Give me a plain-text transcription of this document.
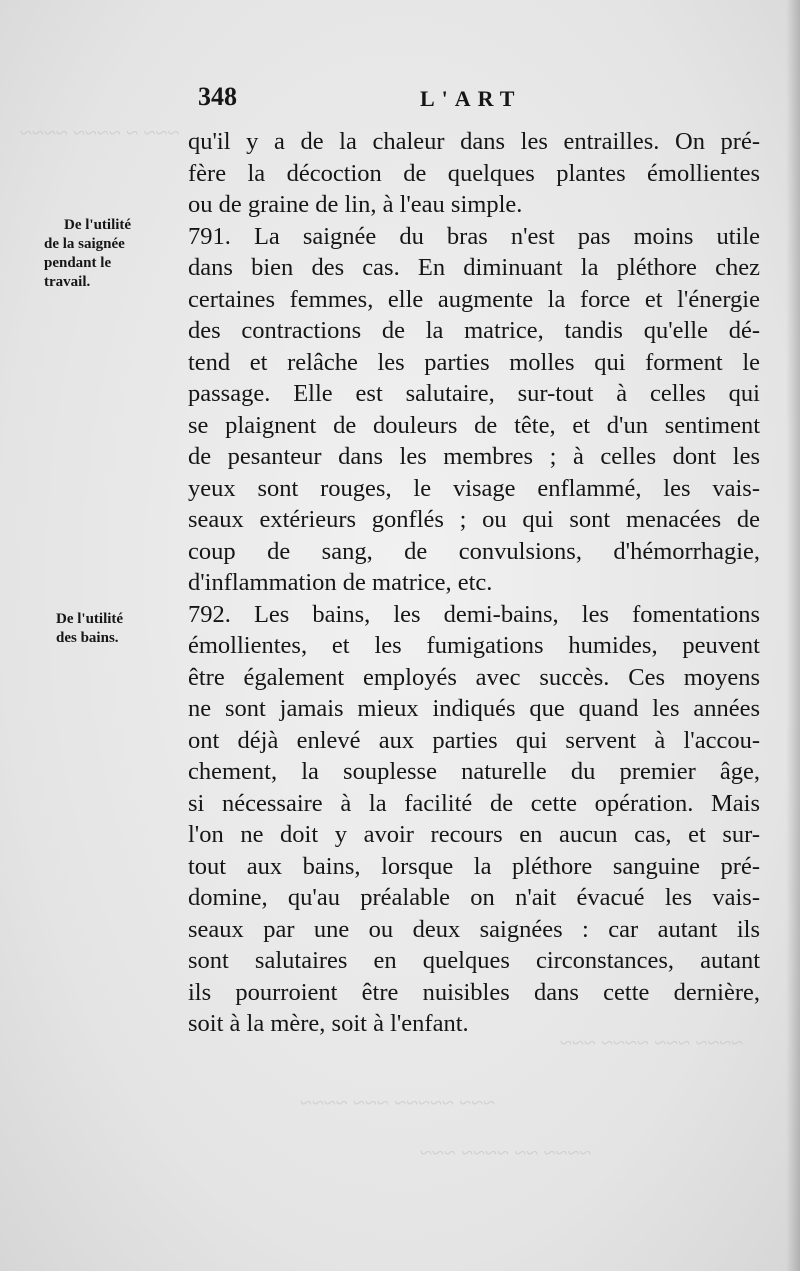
~~~ ~ ~~~~ ~~~~
~~~~ ~~~ ~~~~ ~~~
~~~ ~~~~~ ~~~ ~~~~
~~~~ ~~ ~~~~ ~~~
348	L'ART
De l'utilité
de la saignée
pendant le
travail.
De l'utilité
des bains.
qu'il y a de la chaleur dans les entrailles. On pré-
fère la décoction de quelques plantes émollientes
ou de graine de lin, à l'eau simple.
791. La saignée du bras n'est pas moins utile
dans bien des cas. En diminuant la pléthore chez
certaines femmes, elle augmente la force et l'énergie
des contractions de la matrice, tandis qu'elle dé-
tend et relâche les parties molles qui forment le
passage. Elle est salutaire, sur-tout à celles qui
se plaignent de douleurs de tête, et d'un sentiment
de pesanteur dans les membres ; à celles dont les
yeux sont rouges, le visage enflammé, les vais-
seaux extérieurs gonflés ; ou qui sont menacées de
coup de sang, de convulsions, d'hémorrhagie,
d'inflammation de matrice, etc.
792. Les bains, les demi-bains, les fomentations
émollientes, et les fumigations humides, peuvent
être également employés avec succès. Ces moyens
ne sont jamais mieux indiqués que quand les années
ont déjà enlevé aux parties qui servent à l'accou-
chement, la souplesse naturelle du premier âge,
si nécessaire à la facilité de cette opération. Mais
l'on ne doit y avoir recours en aucun cas, et sur-
tout aux bains, lorsque la pléthore sanguine pré-
domine, qu'au préalable on n'ait évacué les vais-
seaux par une ou deux saignées : car autant ils
sont salutaires en quelques circonstances, autant
ils pourroient être nuisibles dans cette dernière,
soit à la mère, soit à l'enfant.
